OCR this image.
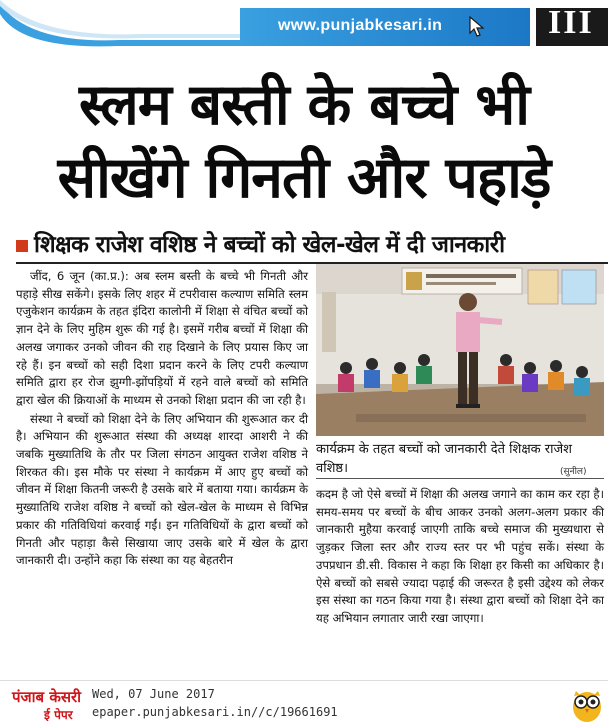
www.punjabkesari.in	III
स्लम बस्ती के बच्चे भी
सीखेंगे गिनती और पहाड़े
शिक्षक राजेश वशिष्ठ ने बच्चों को खेल-खेल में दी जानकारी

जींद, 6 जून (का.प्र.): अब स्लम बस्ती के बच्चे भी गिनती और पहाड़े सीख सकेंगे। इसके लिए शहर में टपरीवास कल्याण समिति स्लम एजुकेशन कार्यक्रम के तहत इंदिरा कालोनी में शिक्षा से वंचित बच्चों को ज्ञान देने के लिए मुहिम शुरू की गई है। इसमें गरीब बच्चों में शिक्षा की अलख जगाकर उनको जीवन की राह दिखाने के लिए प्रयास किए जा रहे हैं। इन बच्चों को सही दिशा प्रदान करने के लिए टपरी कल्याण समिति द्वारा हर रोज झुग्गी-झोंपड़ियों में रहने वाले बच्चों को समिति द्वारा खेल की क्रियाओं के माध्यम से उनको शिक्षा प्रदान की जा रही है।

संस्था ने बच्चों को शिक्षा देने के लिए अभियान की शुरूआत कर दी है। अभियान की शुरूआत संस्था की अध्यक्ष शारदा आशरी ने की जबकि मुख्यातिथि के तौर पर जिला संगठन आयुक्त राजेश वशिष्ठ ने शिरकत की। इस मौके पर संस्था ने कार्यक्रम में आए हुए बच्चों को जीवन में शिक्षा कितनी जरूरी है उसके बारे में बताया गया। कार्यक्रम के मुख्यातिथि राजेश वशिष्ठ ने बच्चों को खेल-खेल के माध्यम से विभिन्न प्रकार की गतिविधियां करवाई गईं। इन गतिविधियों के द्वारा बच्चों को गिनती और पहाड़ा कैसे सिखाया जाए उसके बारे में खेल के द्वारा जानकारी दी। उन्होंने कहा कि संस्था का यह बेहतरीन

कार्यक्रम के तहत बच्चों को जानकारी देते शिक्षक राजेश वशिष्ठ।	(सुनील)

कदम है जो ऐसे बच्चों में शिक्षा की अलख जगाने का काम कर रहा है। समय-समय पर बच्चों के बीच आकर उनको अलग-अलग प्रकार की जानकारी मुहैया करवाई जाएगी ताकि बच्चे समाज की मुख्यधारा से जुड़कर जिला स्तर और राज्य स्तर पर भी पहुंच सकें। संस्था के उपप्रधान डी.सी. विकास ने कहा कि शिक्षा हर किसी का अधिकार है। ऐसे बच्चों को सबसे ज्यादा पढ़ाई की जरूरत है इसी उद्देश्य को लेकर इस संस्था का गठन किया गया है। संस्था द्वारा बच्चों को शिक्षा देने का यह अभियान लगातार जारी रखा जाएगा।

पंजाब केसरी
ई पेपर
Wed, 07 June 2017
epaper.punjabkesari.in//c/19661691
